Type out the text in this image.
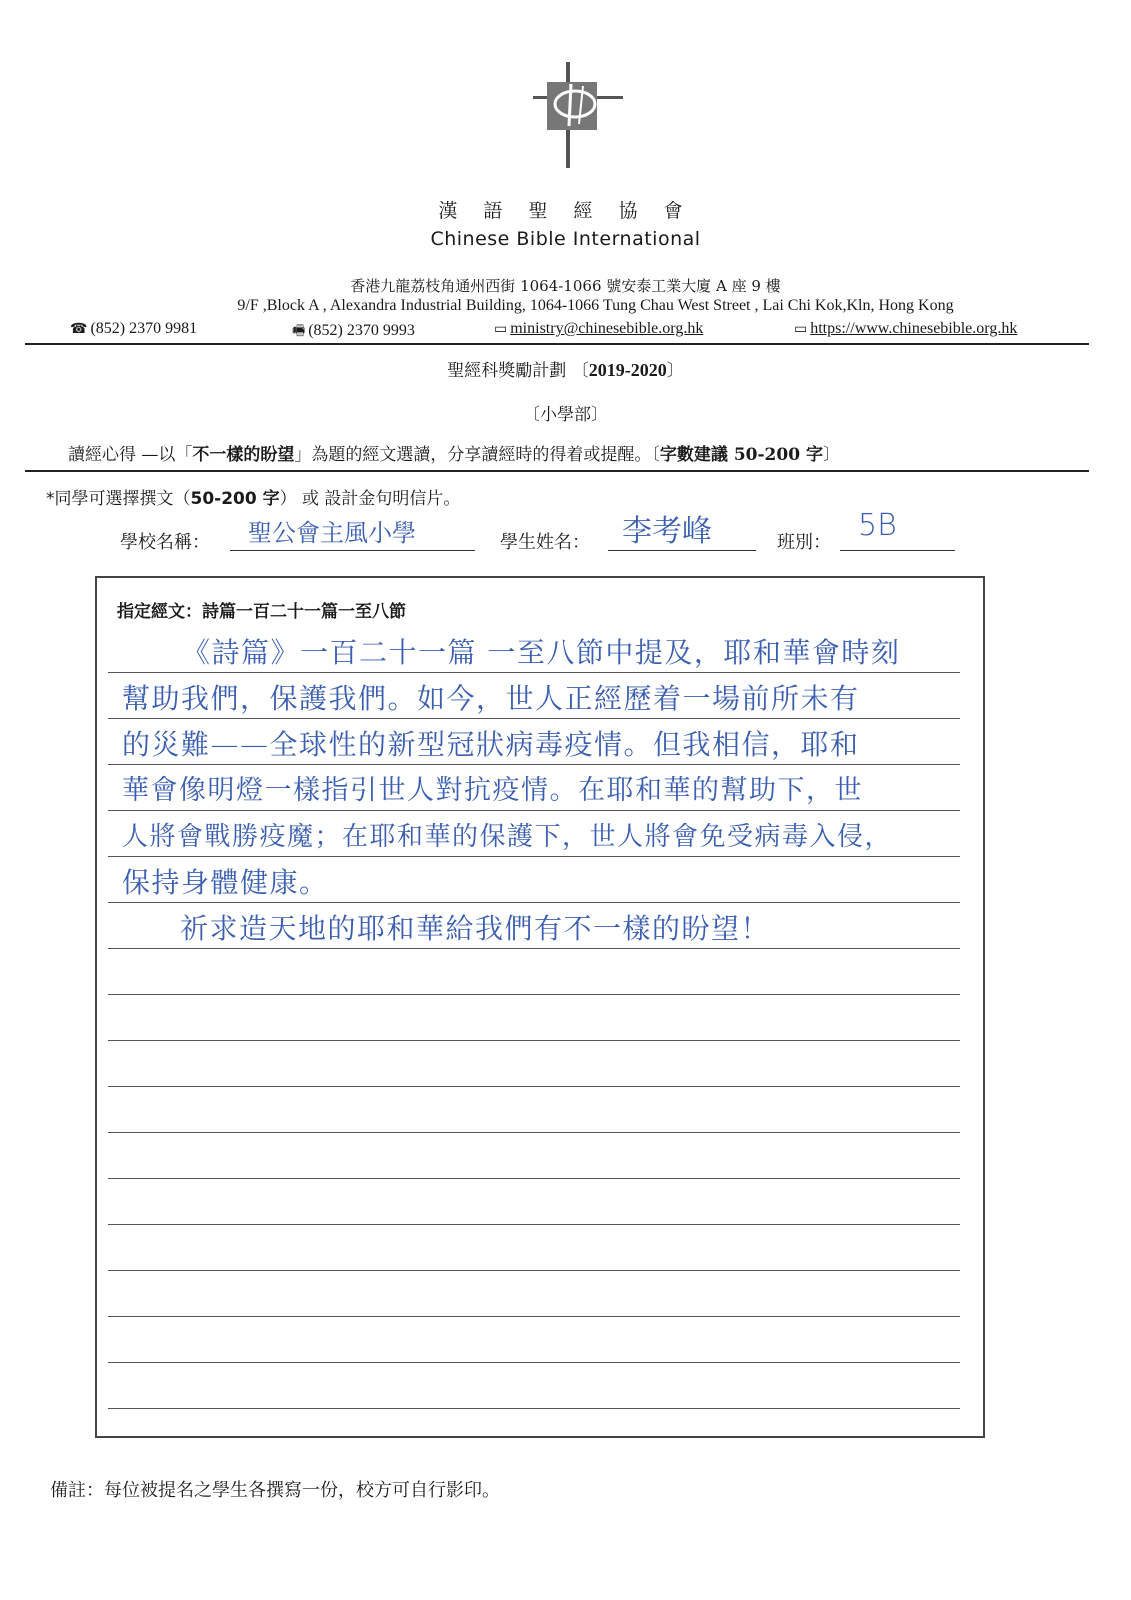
漢 語 聖 經 協 會
Chinese Bible International
香港九龍荔枝角通州西街 1064-1066 號安泰工業大廈 A 座 9 樓
9/F ,Block A , Alexandra Industrial Building, 1064-1066 Tung Chau West Street , Lai Chi Kok,Kln, Hong Kong
☎ (852) 2370 9981	🖷 (852) 2370 9993	▭ ministry@chinesebible.org.hk	▭ https://www.chinesebible.org.hk
聖經科獎勵計劃 〔2019-2020〕
〔小學部〕
讀經心得 —以「不一樣的盼望」為題的經文選讀，分享讀經時的得着或提醒。〔字數建議 50-200 字〕
*同學可選擇撰文（50-200 字） 或 設計金句明信片。
學校名稱： 聖公會主風小學	學生姓名： 李考峰	班別： 5B
指定經文：詩篇一百二十一篇一至八節
《詩篇》一百二十一篇 一至八節中提及，耶和華會時刻
幫助我們，保護我們。如今，世人正經歷着一場前所未有
的災難——全球性的新型冠狀病毒疫情。但我相信，耶和
華會像明燈一樣指引世人對抗疫情。在耶和華的幫助下，世
人將會戰勝疫魔；在耶和華的保護下，世人將會免受病毒入侵，
保持身體健康。
祈求造天地的耶和華給我們有不一樣的盼望！
備註：每位被提名之學生各撰寫一份，校方可自行影印。
